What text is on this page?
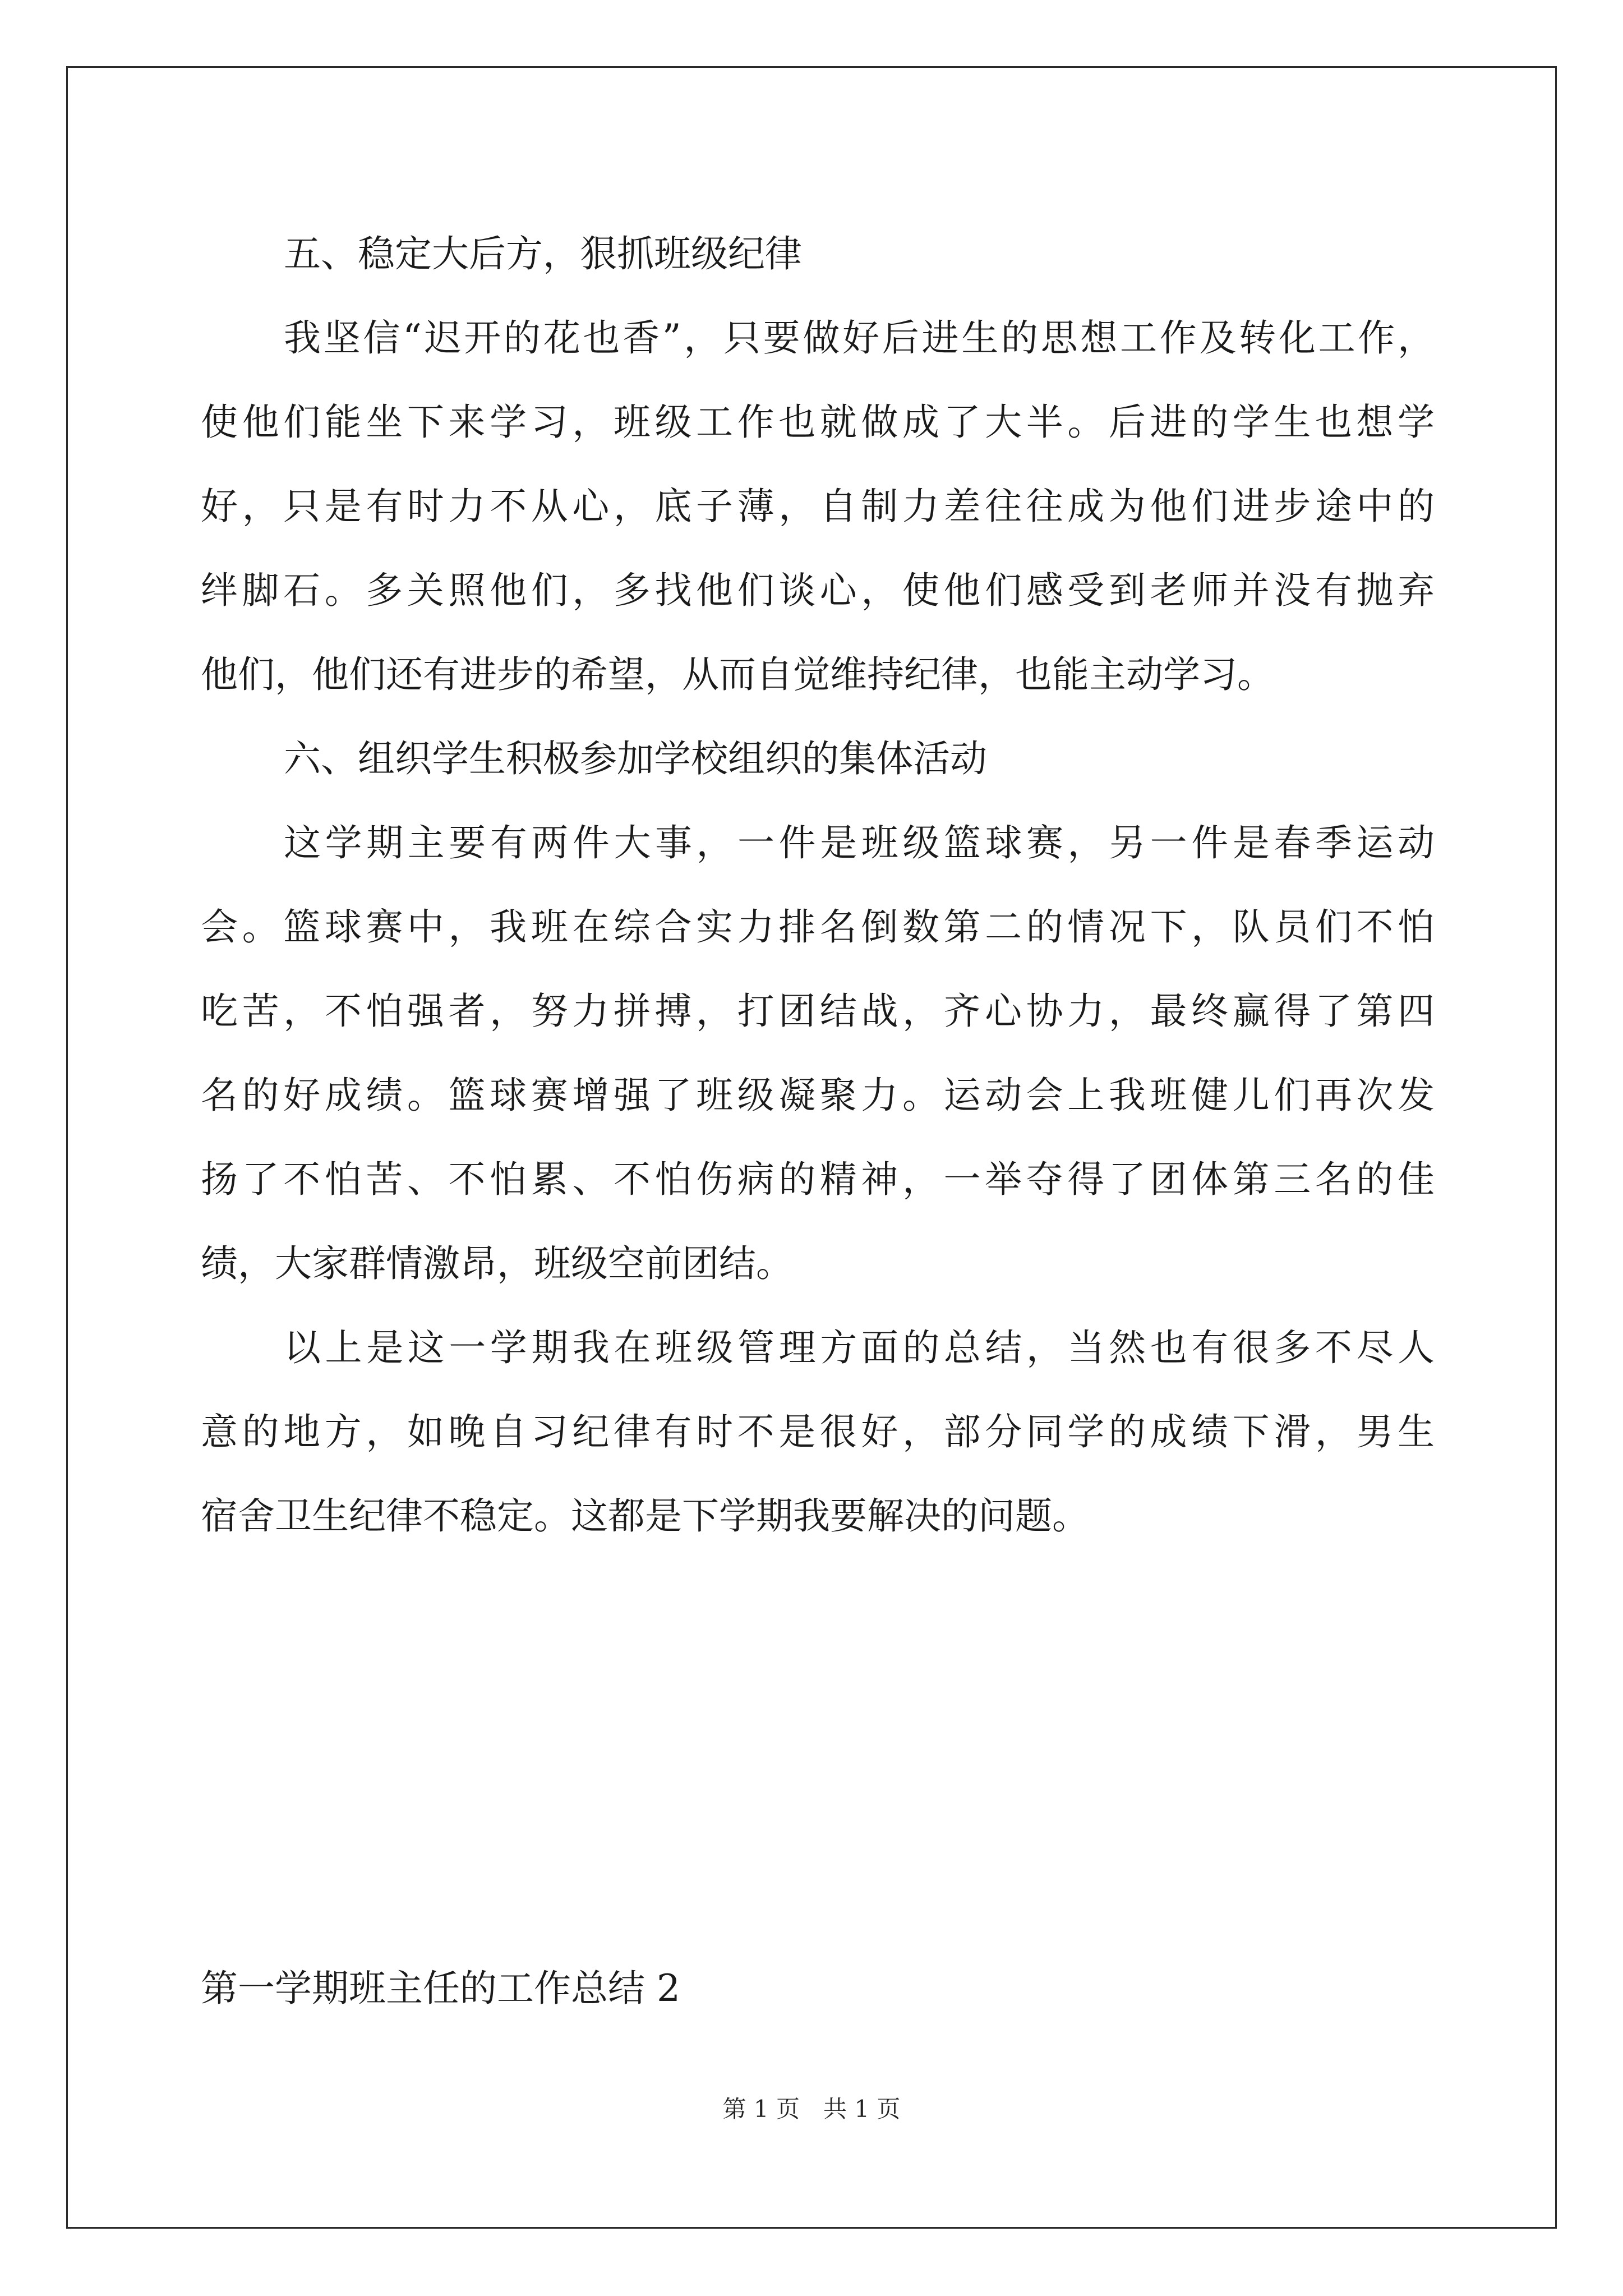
五、稳定大后方，狠抓班级纪律

我坚信“迟开的花也香”，只要做好后进生的思想工作及转化工作，

使他们能坐下来学习，班级工作也就做成了大半。后进的学生也想学

好，只是有时力不从心，底子薄，自制力差往往成为他们进步途中的

绊脚石。多关照他们，多找他们谈心，使他们感受到老师并没有抛弃

他们，他们还有进步的希望，从而自觉维持纪律，也能主动学习。

六、组织学生积极参加学校组织的集体活动

这学期主要有两件大事，一件是班级篮球赛，另一件是春季运动

会。篮球赛中，我班在综合实力排名倒数第二的情况下，队员们不怕

吃苦，不怕强者，努力拼搏，打团结战，齐心协力，最终赢得了第四

名的好成绩。篮球赛增强了班级凝聚力。运动会上我班健儿们再次发

扬了不怕苦、不怕累、不怕伤病的精神，一举夺得了团体第三名的佳

绩，大家群情激昂，班级空前团结。

以上是这一学期我在班级管理方面的总结，当然也有很多不尽人

意的地方，如晚自习纪律有时不是很好，部分同学的成绩下滑，男生

宿舍卫生纪律不稳定。这都是下学期我要解决的问题。

第一学期班主任的工作总结 2
第 1 页　共 1 页
